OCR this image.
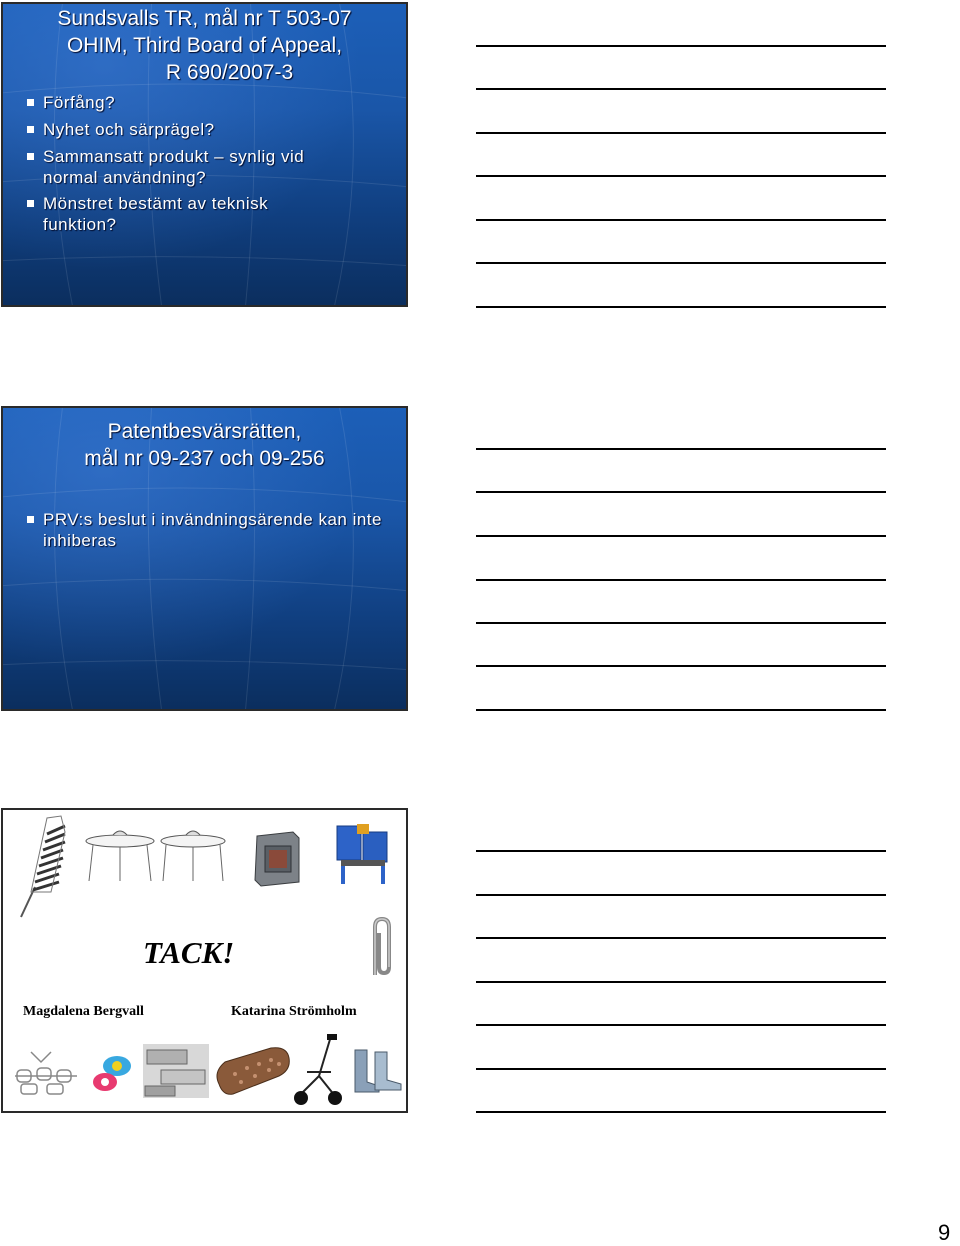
Sundsvalls TR, mål nr T 503-07
OHIM, Third Board of Appeal,
R 690/2007-3
Förfång?
Nyhet och särprägel?
Sammansatt produkt – synlig vid normal användning?
Mönstret bestämt av teknisk funktion?
Patentbesvärsrätten,
mål nr 09-237 och 09-256
PRV:s beslut i invändningsärende kan inte inhiberas
TACK!
Magdalena Bergvall	Katarina Strömholm
9
